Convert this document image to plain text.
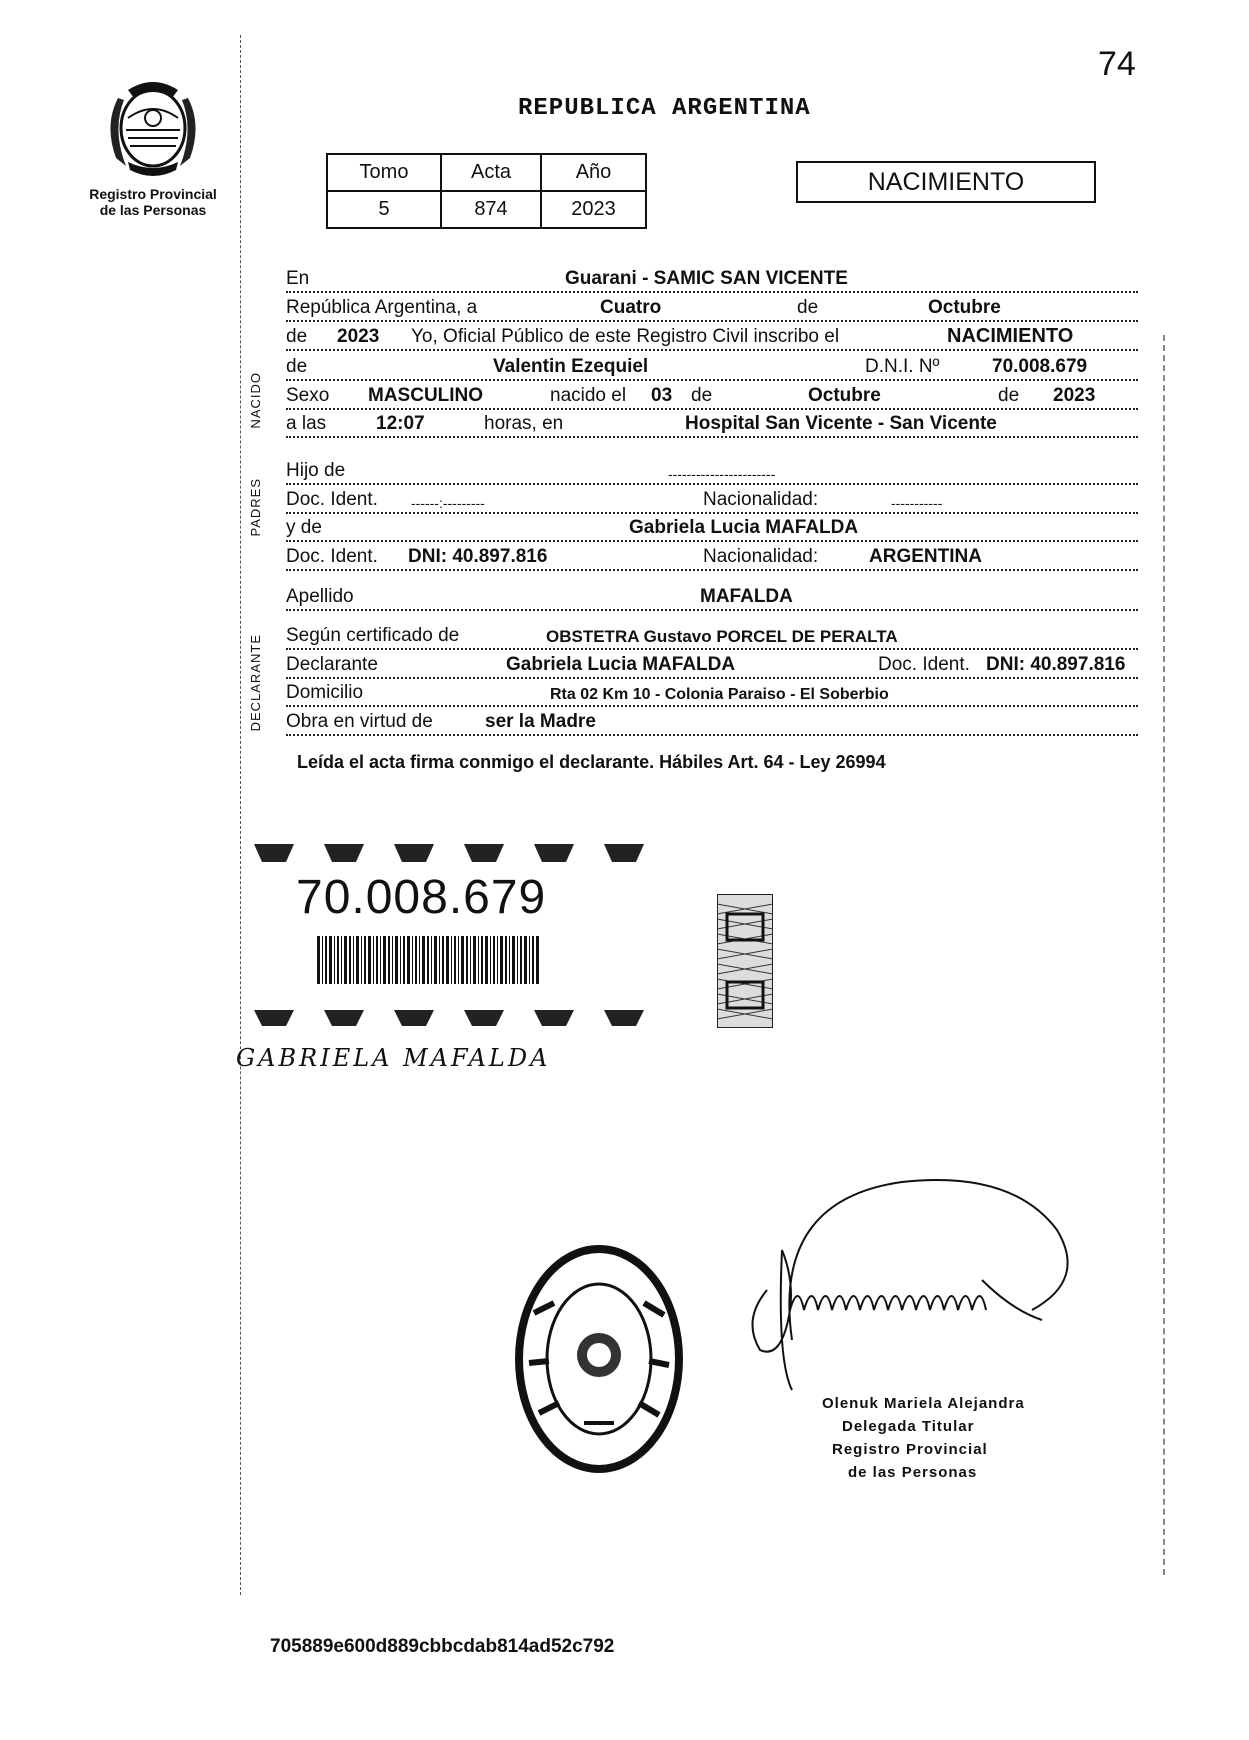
74
Registro Provincial
de las Personas
REPUBLICA ARGENTINA
Tomo	Acta	Año
5	874	2023
NACIMIENTO
NACIDO
PADRES
DECLARANTE
En	Guarani - SAMIC SAN VICENTE
República Argentina, a	Cuatro	de	Octubre
de 2023 Yo, Oficial Público de este Registro Civil inscribo el	NACIMIENTO
de	Valentin Ezequiel	D.N.I. Nº	70.008.679
Sexo MASCULINO	nacido el 03 de	Octubre	de 2023
a las	12:07	horas, en	Hospital San Vicente - San Vicente
Hijo de	-----------------------
Doc. Ident. ------:---------	Nacionalidad:	-----------
y de	Gabriela Lucia MAFALDA
Doc. Ident. DNI: 40.897.816	Nacionalidad:	ARGENTINA
Apellido	MAFALDA
Según certificado de	OBSTETRA Gustavo PORCEL DE PERALTA
Declarante	Gabriela Lucia MAFALDA	Doc. Ident. DNI: 40.897.816
Domicilio	Rta 02 Km 10 - Colonia Paraiso - El Soberbio
Obra en virtud de	ser la Madre
Leída el acta firma conmigo el declarante. Hábiles Art. 64 - Ley 26994
70.008.679
GABRIELA MAFALDA
Olenuk Mariela Alejandra
Delegada Titular
Registro Provincial
de las Personas
705889e600d889cbbcdab814ad52c792
